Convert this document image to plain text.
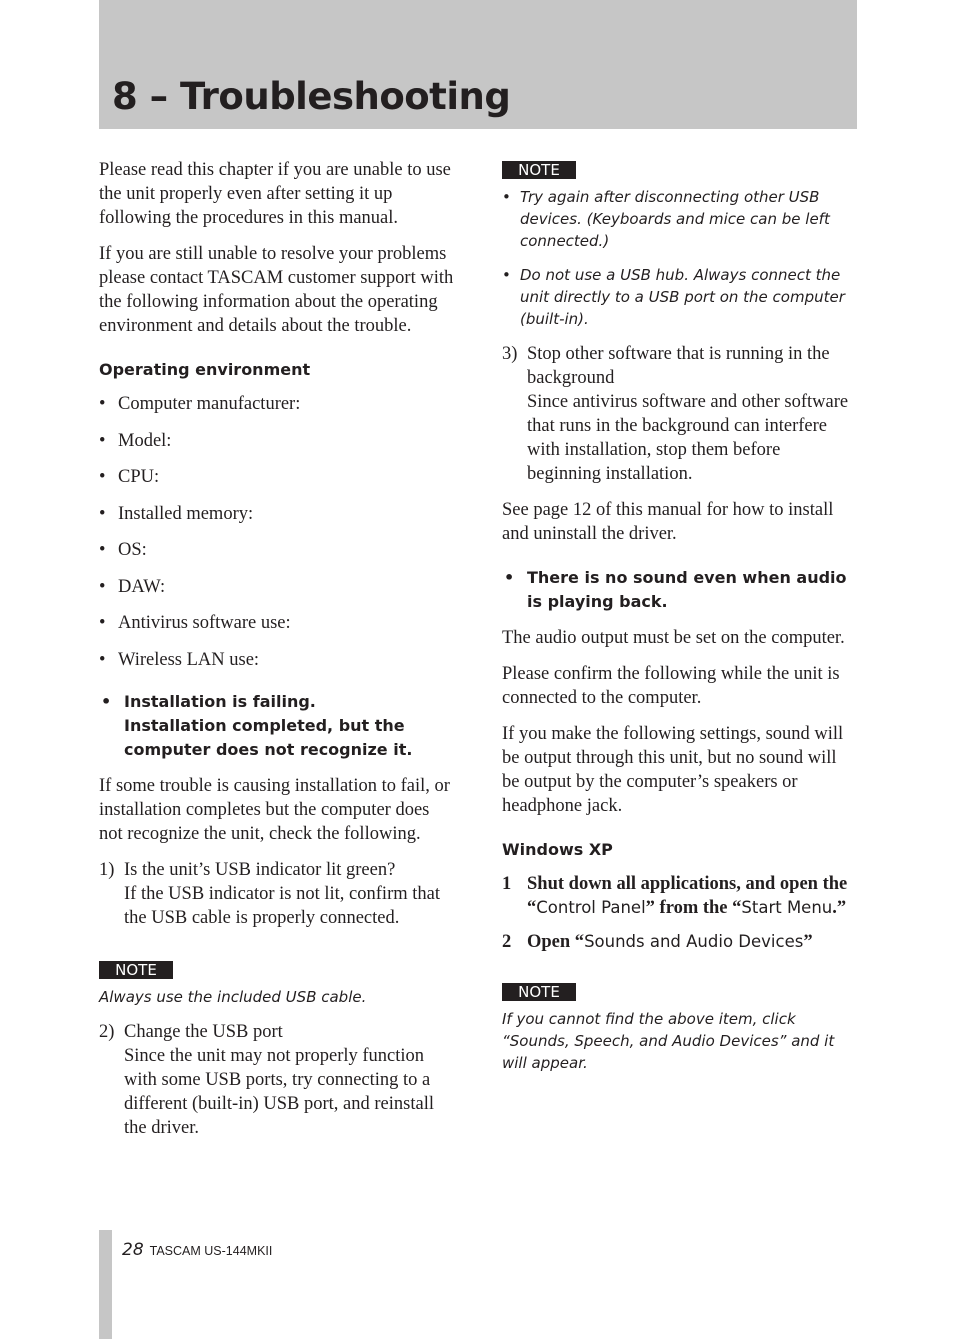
8 – Troubleshooting

Please read this chapter if you are unable to use the unit properly even after setting it up following the procedures in this manual.

If you are still unable to resolve your problems please contact TASCAM customer support with the following information about the operating environment and details about the trouble.

Operating environment
• Computer manufacturer:
• Model:
• CPU:
• Installed memory:
• OS:
• DAW:
• Antivirus software use:
• Wireless LAN use:
• Installation is failing.
Installation completed, but the computer does not recognize it.

If some trouble is causing installation to fail, or installation completes but the computer does not recognize the unit, check the following.

1) Is the unit’s USB indicator lit green?
If the USB indicator is not lit, confirm that the USB cable is properly connected.
NOTE

Always use the included USB cable.

2) Change the USB port
Since the unit may not properly function with some USB ports, try connecting to a different (built-in) USB port, and reinstall the driver.
NOTE
• Try again after disconnecting other USB devices. (Keyboards and mice can be left connected.)
• Do not use a USB hub. Always connect the unit directly to a USB port on the computer (built-in).
3) Stop other software that is running in the background
Since antivirus software and other software that runs in the background can interfere with installation, stop them before beginning installation.

See page 12 of this manual for how to install and uninstall the driver.

• There is no sound even when audio is playing back.

The audio output must be set on the computer.

Please confirm the following while the unit is connected to the computer.

If you make the following settings, sound will be output through this unit, but no sound will be output by the computer’s speakers or headphone jack.

Windows XP
1 Shut down all applications, and open the “Control Panel” from the “Start Menu.”
2 Open “Sounds and Audio Devices”
NOTE

If you cannot find the above item, click “Sounds, Speech, and Audio Devices” and it will appear.

28 TASCAM US-144MKII
